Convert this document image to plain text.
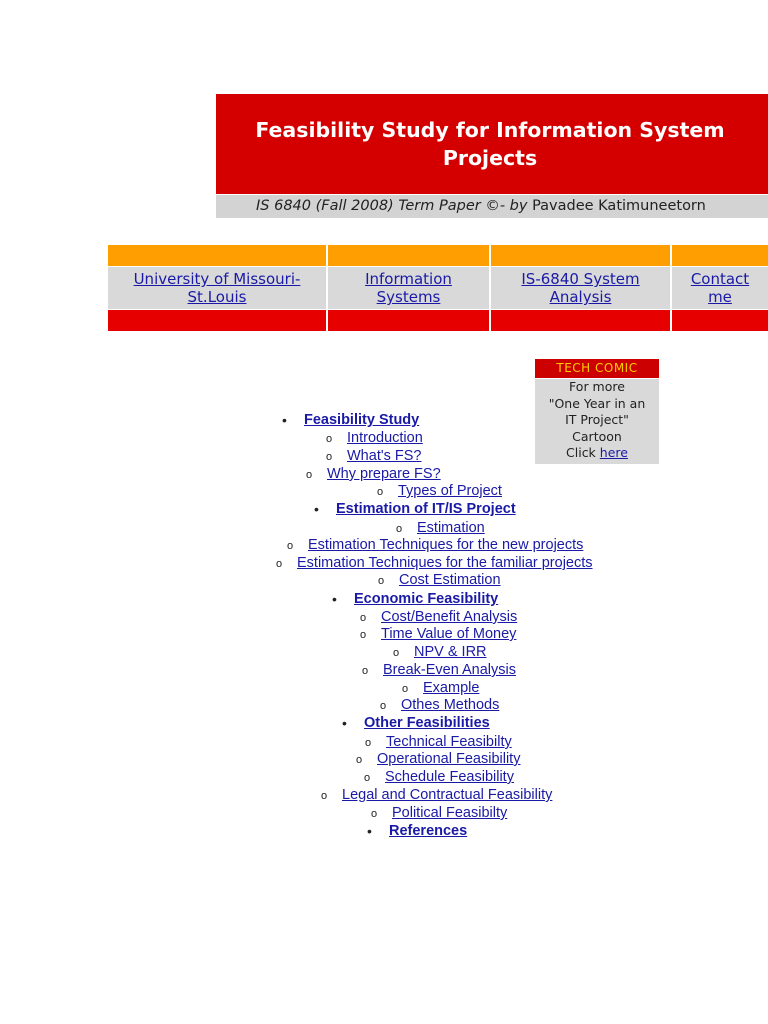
Feasibility Study for Information System
Projects

IS 6840 (Fall 2008) Term Paper ©- by Pavadee Katimuneetorn
University of Missouri-
St.Louis
Information
Systems
IS-6840 System
Analysis
Contact
me
TECH COMIC
For more
"One Year in an
IT Project"
Cartoon
Click here
• Feasibility Study
o Introduction
o What's FS?
o Why prepare FS?
o Types of Project
• Estimation of IT/IS Project
o Estimation
o Estimation Techniques for the new projects
o Estimation Techniques for the familiar projects
o Cost Estimation
• Economic Feasibility
o Cost/Benefit Analysis
o Time Value of Money
o NPV & IRR
o Break-Even Analysis
o Example
o Othes Methods
• Other Feasibilities
o Technical Feasibilty
o Operational Feasibility
o Schedule Feasibility
o Legal and Contractual Feasibility
o Political Feasibilty
• References
